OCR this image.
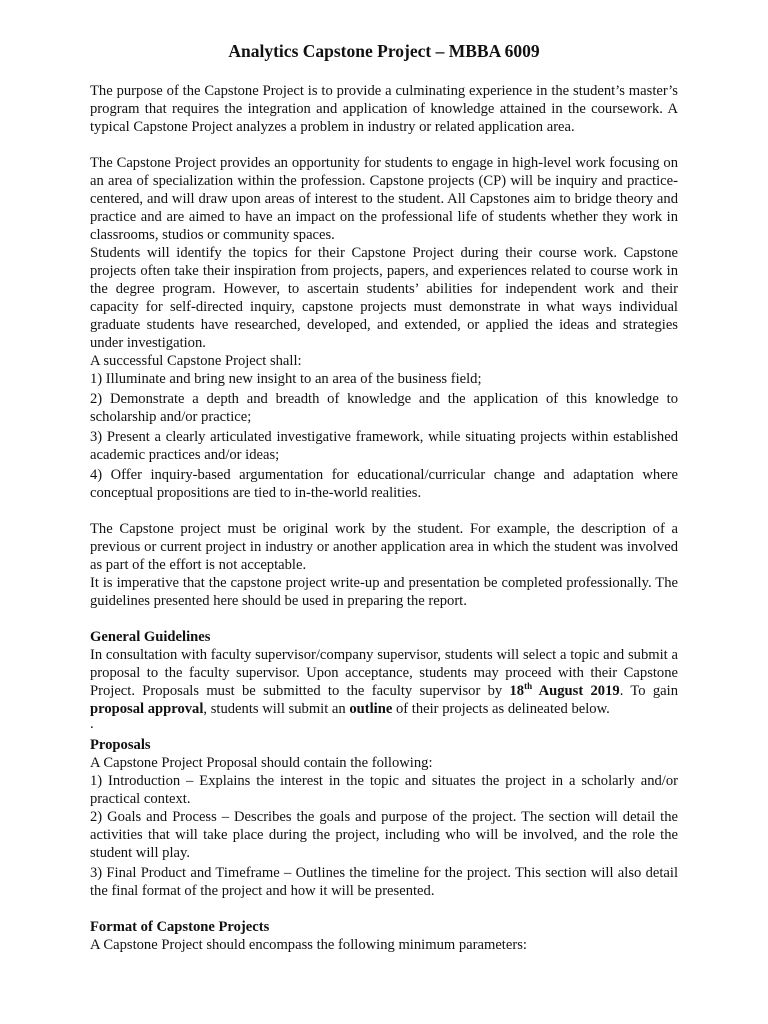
Analytics Capstone Project – MBBA 6009

The purpose of the Capstone Project is to provide a culminating experience in the student’s master’s program that requires the integration and application of knowledge attained in the coursework. A typical Capstone Project analyzes a problem in industry or related application area.

The Capstone Project provides an opportunity for students to engage in high-level work focusing on an area of specialization within the profession. Capstone projects (CP) will be inquiry and practice-centered, and will draw upon areas of interest to the student. All Capstones aim to bridge theory and practice and are aimed to have an impact on the professional life of students whether they work in classrooms, studios or community spaces.

Students will identify the topics for their Capstone Project during their course work. Capstone projects often take their inspiration from projects, papers, and experiences related to course work in the degree program. However, to ascertain students’ abilities for independent work and their capacity for self-directed inquiry, capstone projects must demonstrate in what ways individual graduate students have researched, developed, and extended, or applied the ideas and strategies under investigation.

A successful Capstone Project shall:

1) Illuminate and bring new insight to an area of the business field;

2) Demonstrate a depth and breadth of knowledge and the application of this knowledge to scholarship and/or practice;

3) Present a clearly articulated investigative framework, while situating projects within established academic practices and/or ideas;

4) Offer inquiry-based argumentation for educational/curricular change and adaptation where conceptual propositions are tied to in-the-world realities.

The Capstone project must be original work by the student. For example, the description of a previous or current project in industry or another application area in which the student was involved as part of the effort is not acceptable.

It is imperative that the capstone project write-up and presentation be completed professionally. The guidelines presented here should be used in preparing the report.

General Guidelines

In consultation with faculty supervisor/company supervisor, students will select a topic and submit a proposal to the faculty supervisor. Upon acceptance, students may proceed with their Capstone Project. Proposals must be submitted to the faculty supervisor by 18th August 2019. To gain proposal approval, students will submit an outline of their projects as delineated below.

.

Proposals

A Capstone Project Proposal should contain the following:

1) Introduction – Explains the interest in the topic and situates the project in a scholarly and/or practical context.

2) Goals and Process – Describes the goals and purpose of the project. The section will detail the activities that will take place during the project, including who will be involved, and the role the student will play.

3) Final Product and Timeframe – Outlines the timeline for the project. This section will also detail the final format of the project and how it will be presented.

Format of Capstone Projects

A Capstone Project should encompass the following minimum parameters:
